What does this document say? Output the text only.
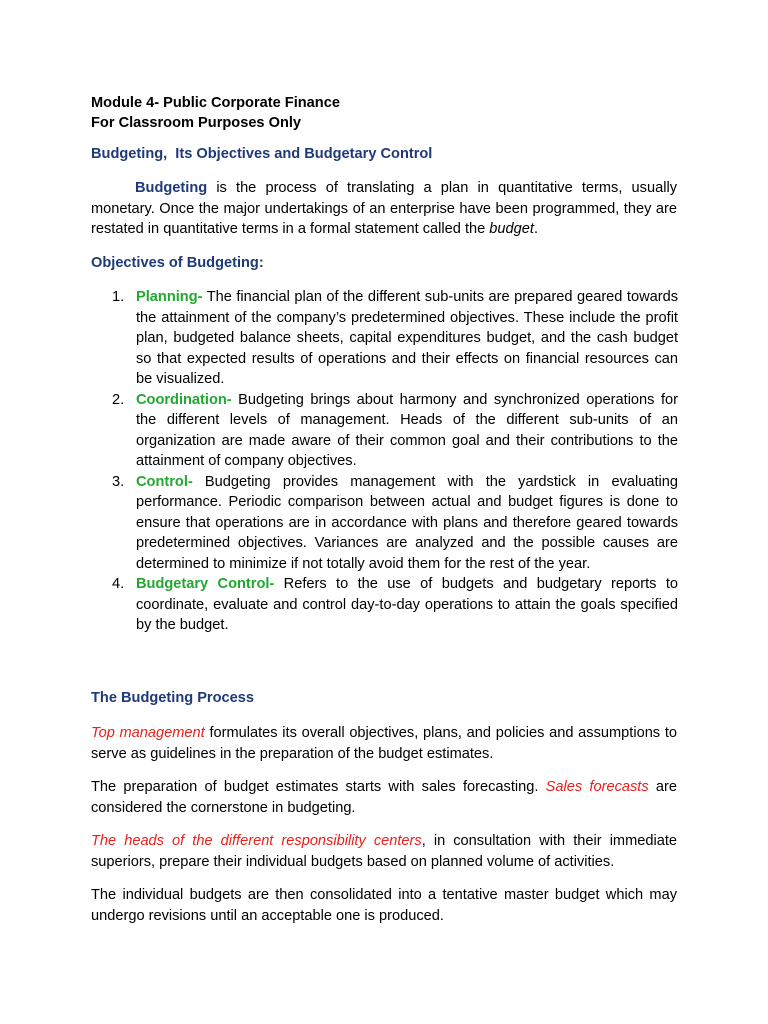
Module 4- Public Corporate Finance
For Classroom Purposes Only
Budgeting,  Its Objectives and Budgetary Control

Budgeting is the process of translating a plan in quantitative terms, usually monetary. Once the major undertakings of an enterprise have been programmed, they are restated in quantitative terms in a formal statement called the budget.

Objectives of Budgeting:
1. Planning- The financial plan of the different sub-units are prepared geared towards the attainment of the company’s predetermined objectives. These include the profit plan, budgeted balance sheets, capital expenditures budget, and the cash budget so that expected results of operations and their effects on financial resources can be visualized.
2. Coordination- Budgeting brings about harmony and synchronized operations for the different levels of management. Heads of the different sub-units of an organization are made aware of their common goal and their contributions to the attainment of company objectives.
3. Control- Budgeting provides management with the yardstick in evaluating performance. Periodic comparison between actual and budget figures is done to ensure that operations are in accordance with plans and therefore geared towards predetermined objectives. Variances are analyzed and the possible causes are determined to minimize if not totally avoid them for the rest of the year.
4. Budgetary Control- Refers to the use of budgets and budgetary reports to coordinate, evaluate and control day-to-day operations to attain the goals specified by the budget.
The Budgeting Process

Top management formulates its overall objectives, plans, and policies and assumptions to serve as guidelines in the preparation of the budget estimates.

The preparation of budget estimates starts with sales forecasting. Sales forecasts are considered the cornerstone in budgeting.

The heads of the different responsibility centers, in consultation with their immediate superiors, prepare their individual budgets based on planned volume of activities.

The individual budgets are then consolidated into a tentative master budget which may undergo revisions until an acceptable one is produced.
